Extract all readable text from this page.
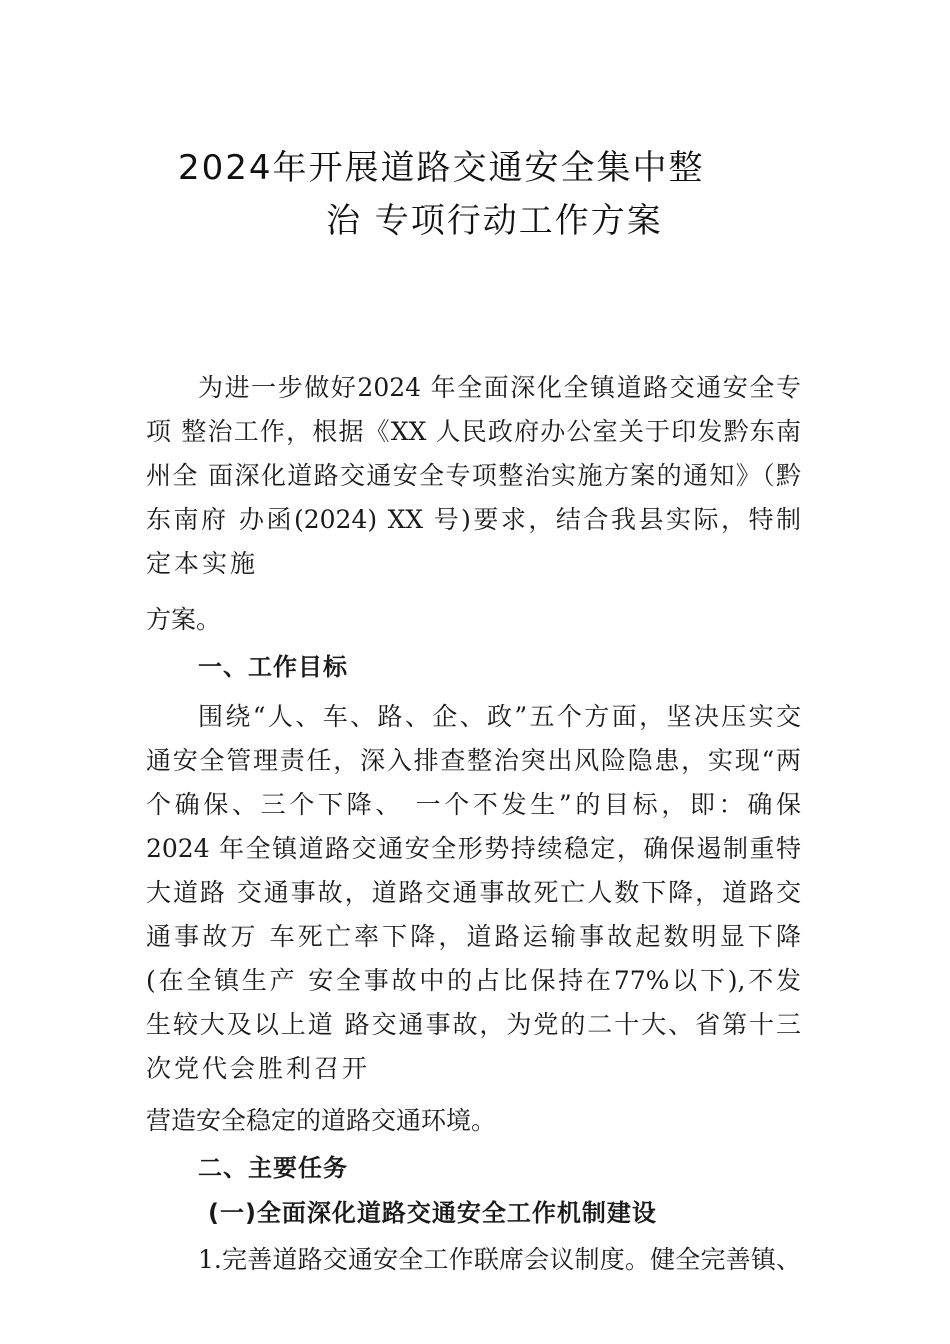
2024年开展道路交通安全集中整
治 专项行动工作方案
为进一步做好2024 年全面深化全镇道路交通安全专
项 整治工作，根据《XX 人民政府办公室关于印发黔东南
州全 面深化道路交通安全专项整治实施方案的通知》（黔
东南府 办函(2024) XX 号)要求，结合我县实际，特制
定本实施
方案。
一、工作目标
围绕“人、车、路、企、政”五个方面，坚决压实交
通安全管理责任，深入排查整治突出风险隐患，实现“两
个确保、三个下降、 一个不发生”的目标，即：确保
2024 年全镇道路交通安全形势持续稳定，确保遏制重特
大道路 交通事故，道路交通事故死亡人数下降，道路交
通事故万 车死亡率下降，道路运输事故起数明显下降
(在全镇生产 安全事故中的占比保持在77%以下),不发
生较大及以上道 路交通事故，为党的二十大、省第十三
次党代会胜利召开
营造安全稳定的道路交通环境。
二、主要任务
(一)全面深化道路交通安全工作机制建设
1.完善道路交通安全工作联席会议制度。健全完善镇、
